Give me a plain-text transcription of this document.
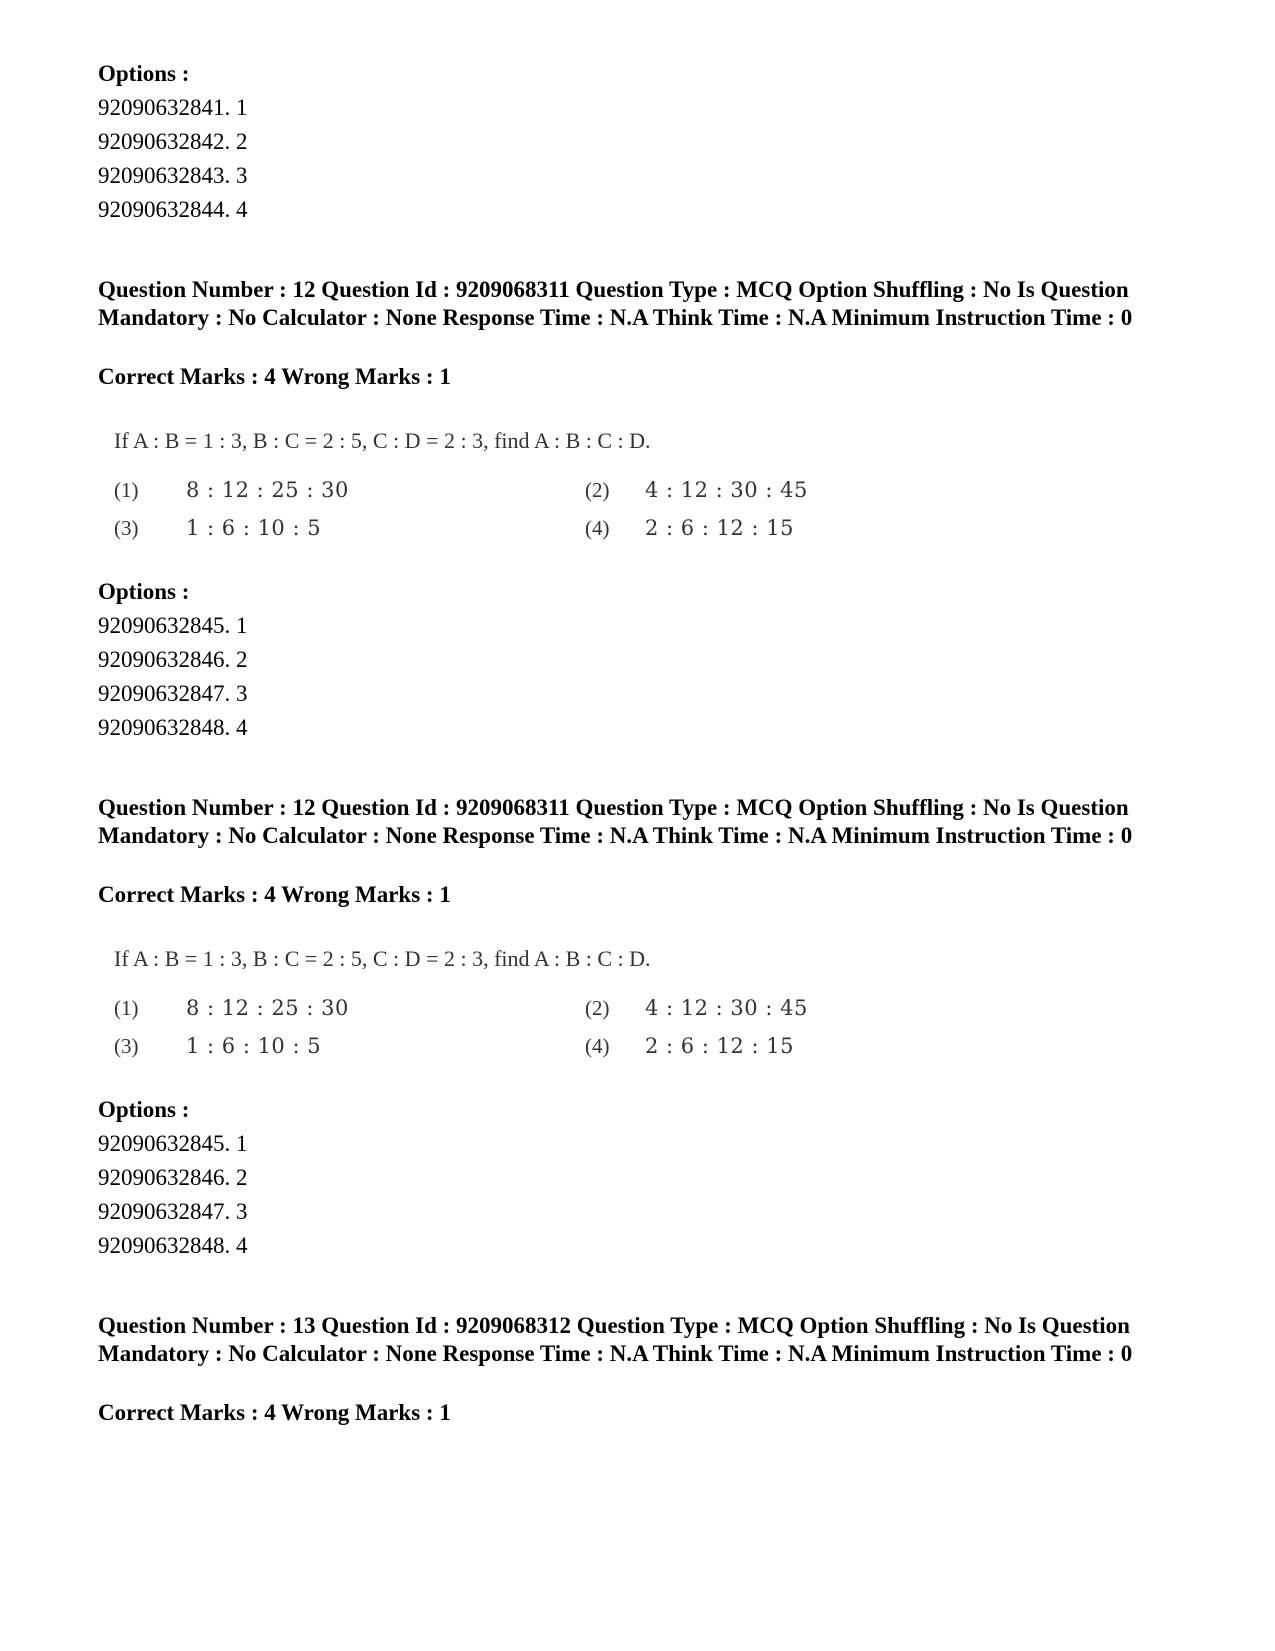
Options :
92090632841. 1
92090632842. 2
92090632843. 3
92090632844. 4
Question Number : 12 Question Id : 9209068311 Question Type : MCQ Option Shuffling : No Is Question Mandatory : No Calculator : None Response Time : N.A Think Time : N.A Minimum Instruction Time : 0
Correct Marks : 4 Wrong Marks : 1
If A : B = 1 : 3, B : C = 2 : 5, C : D = 2 : 3, find A : B : C : D.
(1) 8 : 12 : 25 : 30	(2) 4 : 12 : 30 : 45
(3) 1 : 6 : 10 : 5	(4) 2 : 6 : 12 : 15
Options :
92090632845. 1
92090632846. 2
92090632847. 3
92090632848. 4
Question Number : 12 Question Id : 9209068311 Question Type : MCQ Option Shuffling : No Is Question Mandatory : No Calculator : None Response Time : N.A Think Time : N.A Minimum Instruction Time : 0
Correct Marks : 4 Wrong Marks : 1
If A : B = 1 : 3, B : C = 2 : 5, C : D = 2 : 3, find A : B : C : D.
(1) 8 : 12 : 25 : 30	(2) 4 : 12 : 30 : 45
(3) 1 : 6 : 10 : 5	(4) 2 : 6 : 12 : 15
Options :
92090632845. 1
92090632846. 2
92090632847. 3
92090632848. 4
Question Number : 13 Question Id : 9209068312 Question Type : MCQ Option Shuffling : No Is Question Mandatory : No Calculator : None Response Time : N.A Think Time : N.A Minimum Instruction Time : 0
Correct Marks : 4 Wrong Marks : 1
